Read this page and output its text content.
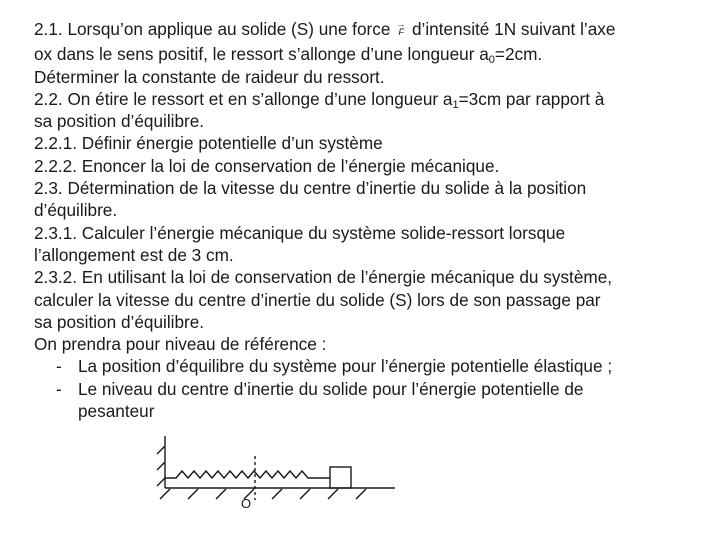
2.1. Lorsqu’on applique au solide (S) une force →
F d’intensité 1N suivant l’axe
ox dans le sens positif, le ressort s’allonge d’une longueur $a_0=2cm$.
Déterminer la constante de raideur du ressort.
2.2. On étire le ressort et en s’allonge d’une longueur $a_1=3cm$ par rapport à
sa position d’équilibre.
2.2.1. Définir énergie potentielle d’un système
2.2.2. Enoncer la loi de conservation de l’énergie mécanique.
2.3. Détermination de la vitesse du centre d’inertie du solide à la position
d’équilibre.
2.3.1. Calculer l’énergie mécanique du système solide-ressort lorsque
l’allongement est de 3 cm.
2.3.2. En utilisant la loi de conservation de l’énergie mécanique du système,
calculer la vitesse du centre d’inertie du solide (S) lors de son passage par
sa position d’équilibre.
On prendra pour niveau de référence :
- La position d’équilibre du système pour l’énergie potentielle élastique ;
- Le niveau du centre d’inertie du solide pour l’énergie potentielle de
pesanteur
O
